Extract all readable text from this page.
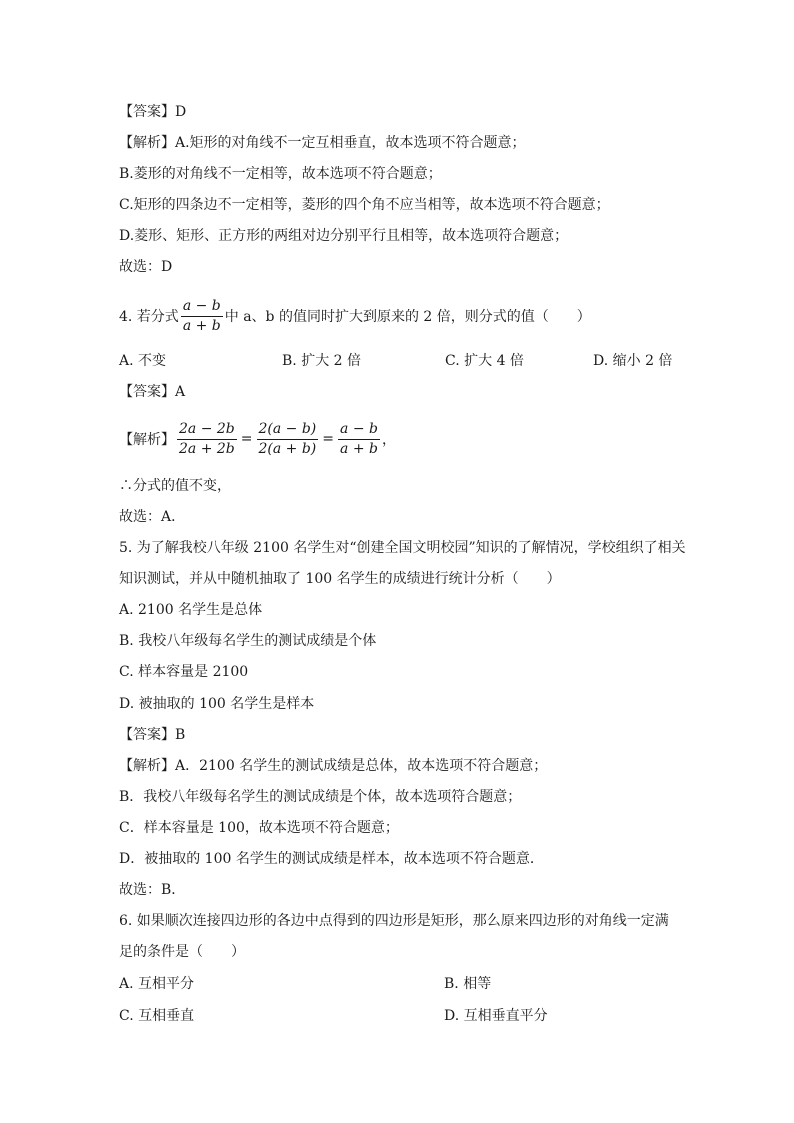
【答案】D
【解析】A.矩形的对角线不一定互相垂直，故本选项不符合题意；
B.菱形的对角线不一定相等，故本选项不符合题意；
C.矩形的四条边不一定相等，菱形的四个角不应当相等，故本选项不符合题意；
D.菱形、矩形、正方形的两组对边分别平行且相等，故本选项符合题意；
故选：D
4. 若分式 $\frac{a - b}{a + b}$ 中 a、b 的值同时扩大到原来的 2 倍，则分式的值（　　）
A. 不变	B. 扩大 2 倍	C. 扩大 4 倍	D. 缩小 2 倍
【答案】A
【解析】 $\frac{2a - 2b}{2a + 2b} = \frac{2(a - b)}{2(a + b)} = \frac{a - b}{a + b}$ ，
∴分式的值不变，
故选：A．
5. 为了解我校八年级 2100 名学生对“创建全国文明校园”知识的了解情况，学校组织了相关
知识测试，并从中随机抽取了 100 名学生的成绩进行统计分析（　　）
A. 2100 名学生是总体
B. 我校八年级每名学生的测试成绩是个体
C. 样本容量是 2100
D. 被抽取的 100 名学生是样本
【答案】B
【解析】A．2100 名学生的测试成绩是总体，故本选项不符合题意；
B．我校八年级每名学生的测试成绩是个体，故本选项符合题意；
C．样本容量是 100，故本选项不符合题意；
D．被抽取的 100 名学生的测试成绩是样本，故本选项不符合题意．
故选：B．
6. 如果顺次连接四边形的各边中点得到的四边形是矩形，那么原来四边形的对角线一定满
足的条件是（　　）
A. 互相平分	B. 相等
C. 互相垂直	D. 互相垂直平分
